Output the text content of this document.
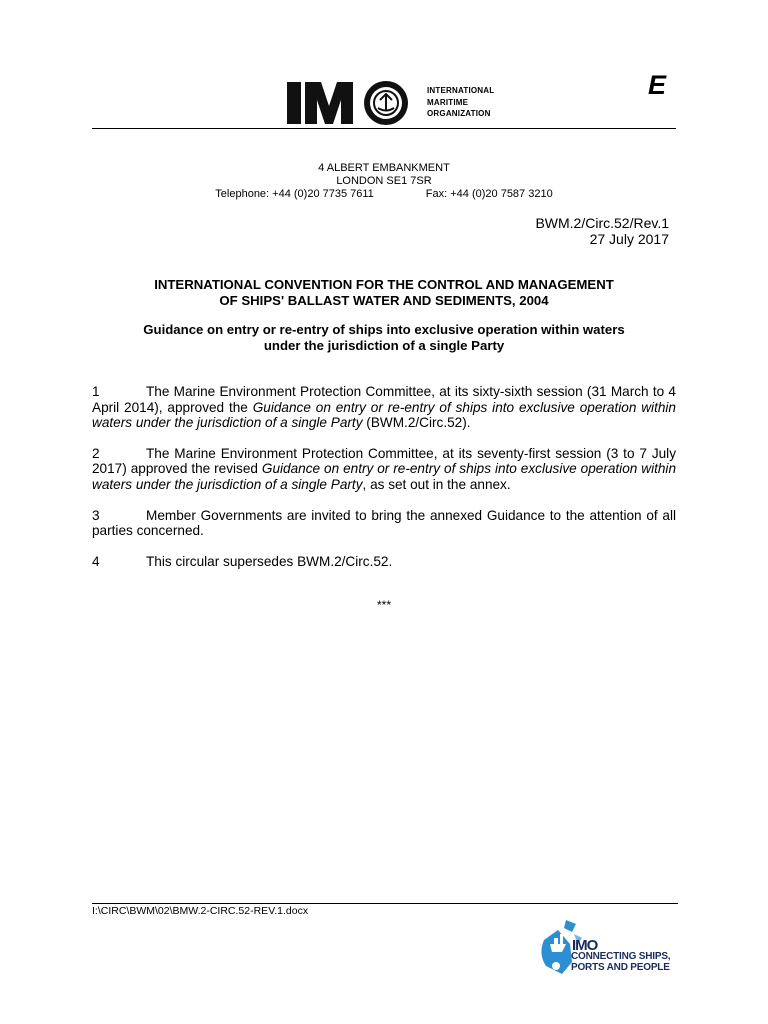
INTERNATIONAL
MARITIME
ORGANIZATION
E
4 ALBERT EMBANKMENT
LONDON SE1 7SR
Telephone: +44 (0)20 7735 7611	Fax: +44 (0)20 7587 3210
BWM.2/Circ.52/Rev.1
27 July 2017
INTERNATIONAL CONVENTION FOR THE CONTROL AND MANAGEMENT
OF SHIPS' BALLAST WATER AND SEDIMENTS, 2004
Guidance on entry or re-entry of ships into exclusive operation within waters
under the jurisdiction of a single Party

1	The Marine Environment Protection Committee, at its sixty-sixth session (31 March to 4 April 2014), approved the Guidance on entry or re-entry of ships into exclusive operation within waters under the jurisdiction of a single Party (BWM.2/Circ.52).

2	The Marine Environment Protection Committee, at its seventy-first session (3 to 7 July 2017) approved the revised Guidance on entry or re-entry of ships into exclusive operation within waters under the jurisdiction of a single Party, as set out in the annex.

3	Member Governments are invited to bring the annexed Guidance to the attention of all parties concerned.

4	This circular supersedes BWM.2/Circ.52.

***
I:\CIRC\BWM\02\BMW.2-CIRC.52-REV.1.docx
IMO
CONNECTING SHIPS,
PORTS AND PEOPLE
